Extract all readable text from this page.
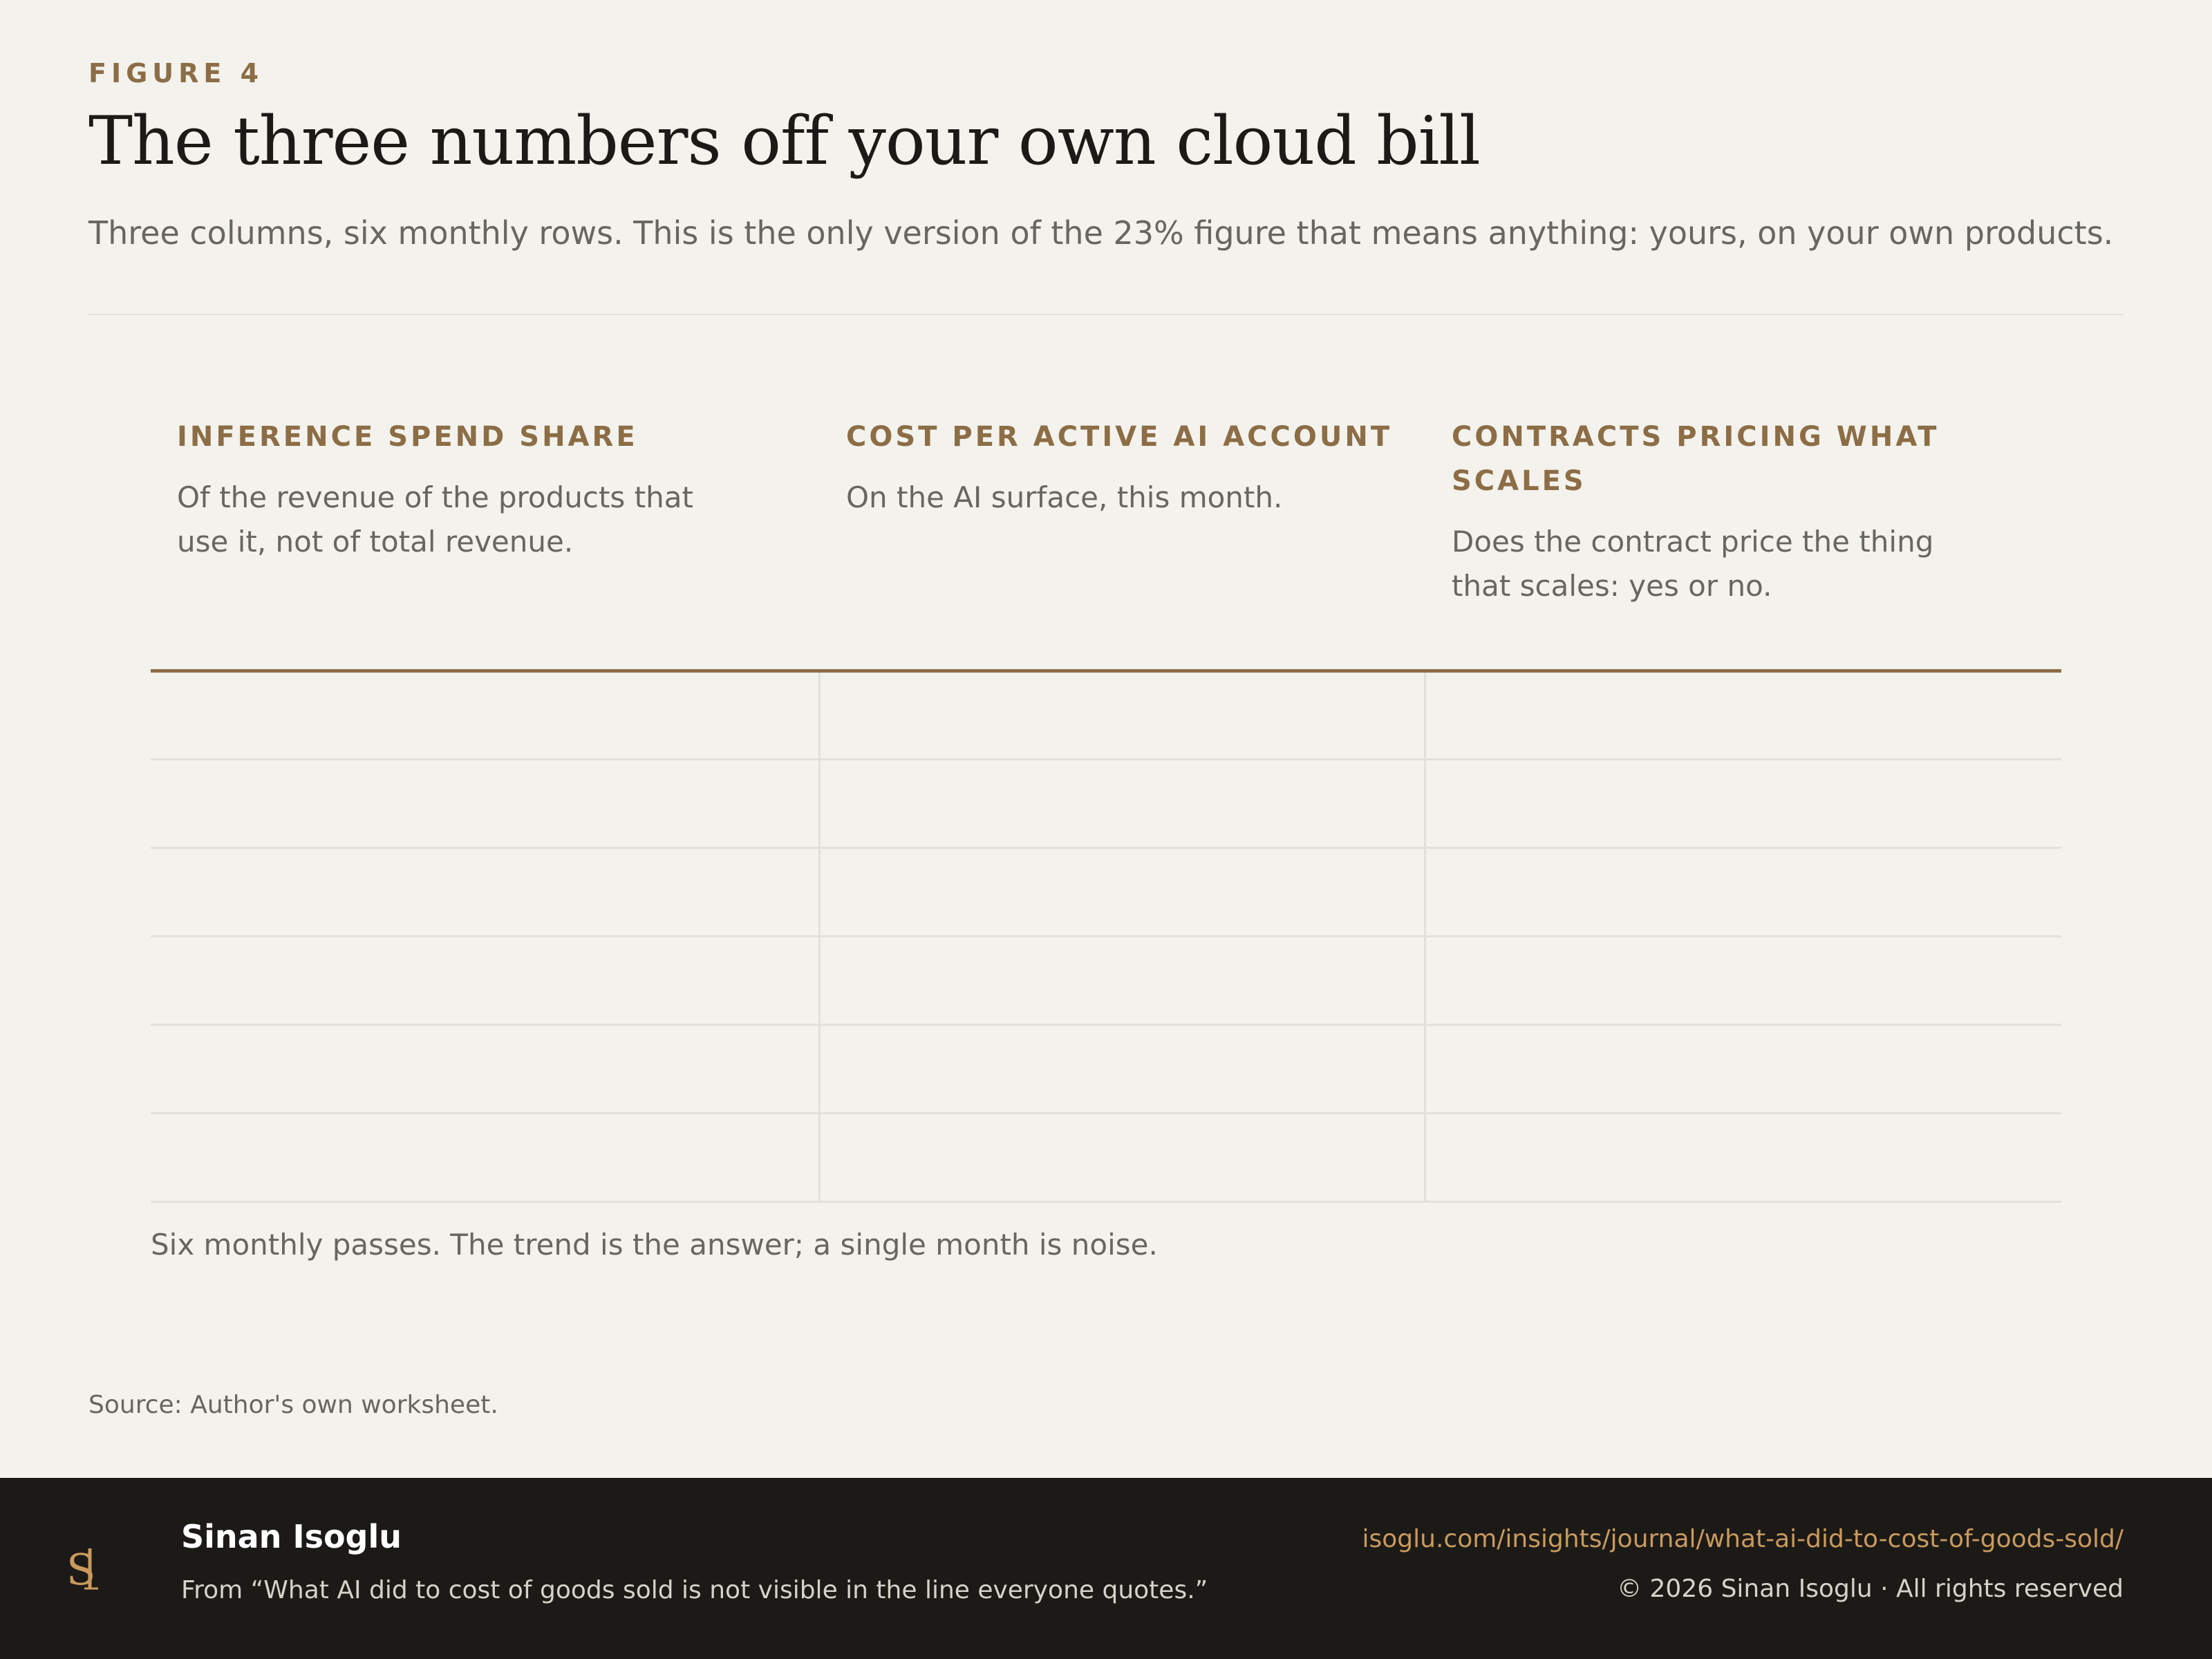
FIGURE 4
The three numbers off your own cloud bill
Three columns, six monthly rows. This is the only version of the 23% figure that means anything: yours, on your own products.
INFERENCE SPEND SHARE
Of the revenue of the products that use it, not of total revenue.
COST PER ACTIVE AI ACCOUNT
On the AI surface, this month.
CONTRACTS PRICING WHAT SCALES
Does the contract price the thing that scales: yes or no.
Six monthly passes. The trend is the answer; a single month is noise.
Source: Author's own worksheet.
S
Sinan Isoglu
From “What AI did to cost of goods sold is not visible in the line everyone quotes.”
isoglu.com/insights/journal/what-ai-did-to-cost-of-goods-sold/
© 2026 Sinan Isoglu · All rights reserved
